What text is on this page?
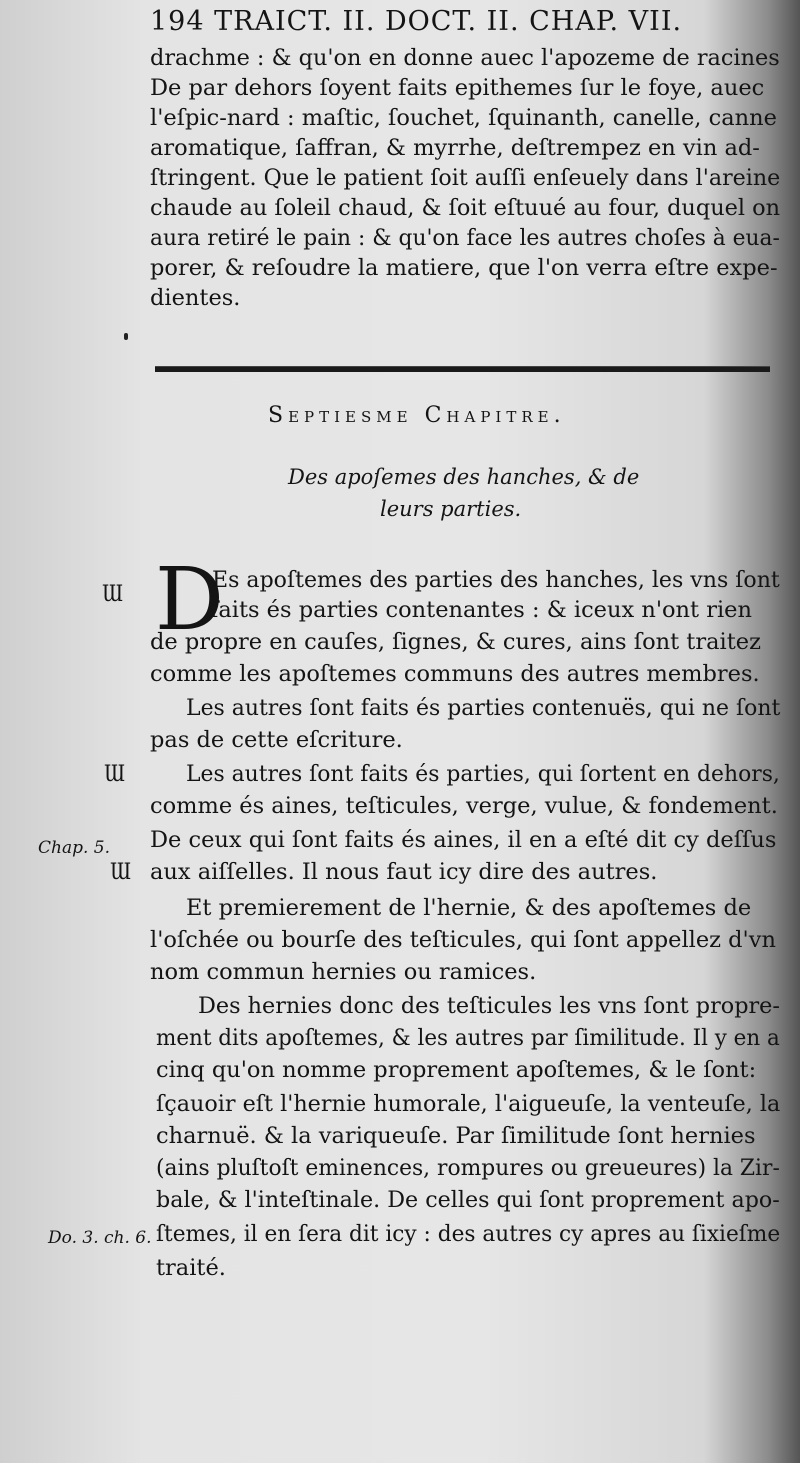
194 TRAICT. II. DOCT. II. CHAP. VII.
drachme : & qu'on en donne auec l'apozeme de racines
De par dehors ſoyent faits epithemes ſur le foye, auec
l'eſpic-nard : maſtic, ſouchet, ſquinanth, canelle, canne
aromatique, ſaffran, & myrrhe, deſtrempez en vin ad-
ſtringent. Que le patient ſoit auſſi enſeuely dans l'areine
chaude au ſoleil chaud, & ſoit eſtuué au four, duquel on
aura retiré le pain : & qu'on face les autres choſes à eua-
porer, & reſoudre la matiere, que l'on verra eſtre expe-
dientes.
Septiesme Chapitre.
Des apoſemes des hanches, & de
leurs parties.
D
Ɯ
Ɯ
Ɯ
Chap. 5.
Do. 3. ch. 6.
Es apoſtemes des parties des hanches, les vns ſont
faits és parties contenantes : & iceux n'ont rien
de propre en cauſes, ſignes, & cures, ains ſont traitez
comme les apoſtemes communs des autres membres.
Les autres ſont faits és parties contenuës, qui ne ſont
pas de cette eſcriture.
Les autres ſont faits és parties, qui ſortent en dehors,
comme és aines, teſticules, verge, vulue, & fondement.
De ceux qui ſont faits és aines, il en a eſté dit cy deſſus
aux aiſſelles. Il nous faut icy dire des autres.
Et premierement de l'hernie, & des apoſtemes de
l'oſchée ou bourſe des teſticules, qui ſont appellez d'vn
nom commun hernies ou ramices.
Des hernies donc des teſticules les vns ſont propre-
ment dits apoſtemes, & les autres par ſimilitude. Il y en a
cinq qu'on nomme proprement apoſtemes, & le ſont:
ſçauoir eſt l'hernie humorale, l'aigueuſe, la venteuſe, la
charnuë. & la variqueuſe. Par ſimilitude ſont hernies
(ains pluſtoſt eminences, rompures ou greueures) la Zir-
bale, & l'inteſtinale. De celles qui ſont proprement apo-
ſtemes, il en ſera dit icy : des autres cy apres au ſixieſme
traité.
